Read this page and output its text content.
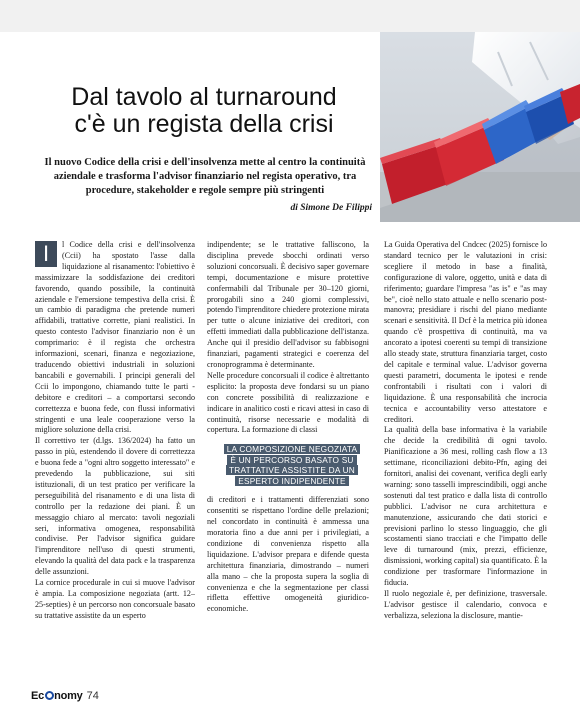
Dal tavolo al turnaround
c'è un regista della crisi

Il nuovo Codice della crisi e dell'insolvenza mette al centro la continuità aziendale e trasforma l'advisor finanziario nel regista operativo, tra procedure, stakeholder e regole sempre più stringenti

di Simone De Filippi

I	l Codice della crisi e dell'insolvenza (Ccii) ha spostato l'asse dalla liquidazione al risanamento: l'obiettivo è massimizzare la soddisfazione dei creditori favorendo, quando possibile, la continuità aziendale e l'emersione tempestiva della crisi. È un cambio di paradigma che pretende numeri affidabili, trattative corrette, piani realistici. In questo contesto l'advisor finanziario non è un comprimario: è il regista che orchestra informazioni, scenari, finanza e negoziazione, traducendo obiettivi industriali in soluzioni bancabili e governabili. I principi generali del Ccii lo impongono, chiamando tutte le parti - debitore e creditori – a comportarsi secondo correttezza e buona fede, con flussi informativi stringenti e una leale cooperazione verso la migliore soluzione della crisi.

Il correttivo ter (d.lgs. 136/2024) ha fatto un passo in più, estendendo il dovere di correttezza e buona fede a "ogni altro soggetto interessato" e prevedendo la pubblicazione, sui siti istituzionali, di un test pratico per verificare la perseguibilità del risanamento e di una lista di controllo per la redazione dei piani. È un messaggio chiaro al mercato: tavoli negoziali seri, informativa omogenea, responsabilità condivise. Per l'advisor significa guidare l'imprenditore nell'uso di questi strumenti, elevando la qualità del data pack e la trasparenza delle assunzioni.

La cornice procedurale in cui si muove l'advisor è ampia. La composizione negoziata (artt. 12–25-septies) è un percorso non concorsuale basato su trattative assistite da un esperto

indipendente; se le trattative falliscono, la disciplina prevede sbocchi ordinati verso soluzioni concorsuali. È decisivo saper governare tempi, documentazione e misure protettive confermabili dal Tribunale per 30–120 giorni, prorogabili sino a 240 giorni complessivi, potendo l'imprenditore chiedere protezione mirata per tutte o alcune iniziative dei creditori, con effetti immediati dalla pubblicazione dell'istanza. Anche qui il presidio dell'advisor su fabbisogni finanziari, pagamenti strategici e coerenza del cronoprogramma è determinante.

Nelle procedure concorsuali il codice è altrettanto esplicito: la proposta deve fondarsi su un piano con concrete possibilità di realizzazione e indicare in analitico costi e ricavi attesi in caso di continuità, risorse necessarie e modalità di copertura. La formazione di classi

LA COMPOSIZIONE NEGOZIATA È UN PERCORSO BASATO SU TRATTATIVE ASSISTITE DA UN ESPERTO INDIPENDENTE

di creditori e i trattamenti differenziati sono consentiti se rispettano l'ordine delle prelazioni; nel concordato in continuità è ammessa una moratoria fino a due anni per i privilegiati, a condizione di convenienza rispetto alla liquidazione. L'advisor prepara e difende questa architettura finanziaria, dimostrando – numeri alla mano – che la proposta supera la soglia di convenienza e che la segmentazione per classi rifletta effettive omogeneità giuridico-economiche.

La Guida Operativa del Cndcec (2025) fornisce lo standard tecnico per le valutazioni in crisi: scegliere il metodo in base a finalità, configurazione di valore, oggetto, unità e data di riferimento; guardare l'impresa "as is" e "as may be", cioè nello stato attuale e nello scenario post-manovra; presidiare i rischi del piano mediante scenari e sensitività. Il Dcf è la metrica più idonea quando c'è prospettiva di continuità, ma va ancorato a ipotesi coerenti su tempi di transizione allo steady state, struttura finanziaria target, costo del capitale e terminal value. L'advisor governa questi parametri, documenta le ipotesi e rende confrontabili i risultati con i valori di liquidazione. È una responsabilità che incrocia tecnica e accountability verso attestatore e creditori.

La qualità della base informativa è la variabile che decide la credibilità di ogni tavolo. Pianificazione a 36 mesi, rolling cash flow a 13 settimane, riconciliazioni debito-Pfn, aging dei fornitori, analisi dei covenant, verifica degli early warning: sono tasselli imprescindibili, oggi anche sostenuti dal test pratico e dalla lista di controllo pubblici. L'advisor ne cura architettura e manutenzione, assicurando che dati storici e previsioni parlino lo stesso linguaggio, che gli scostamenti siano tracciati e che l'impatto delle leve di turnaround (mix, prezzi, efficienze, dismissioni, working capital) sia quantificato. È la condizione per trasformare l'informazione in fiducia.

Il ruolo negoziale è, per definizione, trasversale. L'advisor gestisce il calendario, convoca e verbalizza, seleziona la disclosure, mantie-

Ec nomy 74
